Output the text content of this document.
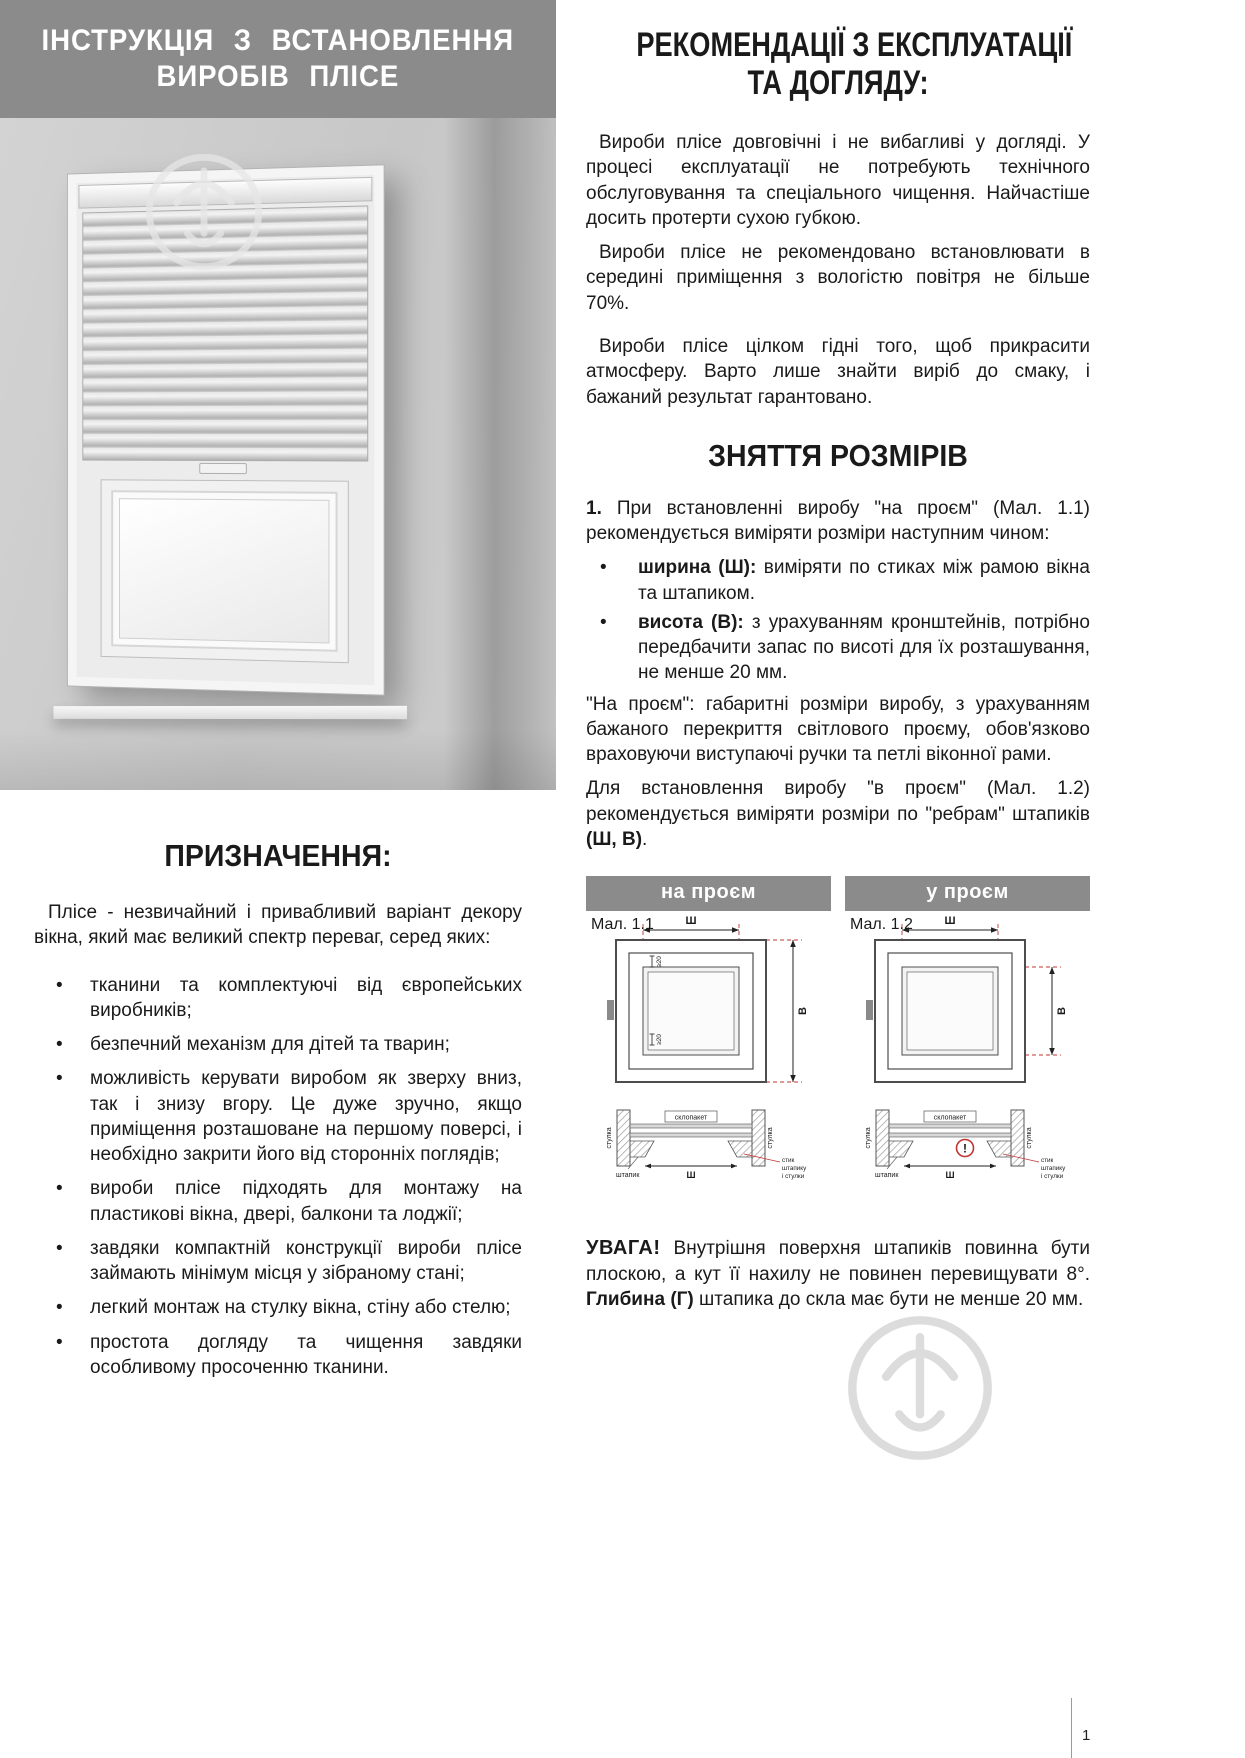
ІНСТРУКЦІЯ З ВСТАНОВЛЕННЯ
ВИРОБІВ ПЛІСЕ
ПРИЗНАЧЕННЯ:

Плісе - незвичайний і привабливий варіант декору вікна, який має великий спектр переваг, серед яких:

•	тканини та комплектуючі від європейських виробників;
•	безпечний механізм для дітей та тварин;
•	можливість керувати виробом як зверху вниз, так і знизу вгору. Це дуже зручно, якщо приміщення розташоване на першому поверсі, і необхідно закрити його від сторонніх поглядів;
•	вироби плісе підходять для монтажу на пластикові вікна, двері, балкони та лоджії;
•	завдяки компактній конструкції вироби плісе займають мінімум місця у зібраному стані;
•	легкий монтаж на стулку вікна, стіну або стелю;
•	простота догляду та чищення завдяки особливому просоченню тканини.
РЕКОМЕНДАЦІЇ З ЕКСПЛУАТАЦІЇ
ТА ДОГЛЯДУ:

Вироби плісе довговічні і не вибагливі у догляді. У процесі експлуатації не потребують технічного обслуговування та спеціального чищення. Найчастіше досить протерти сухою губкою.

Вироби плісе не рекомендовано встановлювати в середині приміщення з вологістю повітря не більше 70%.

Вироби плісе цілком гідні того, щоб прикрасити атмосферу. Варто лише знайти виріб до смаку, і бажаний результат гарантовано.

ЗНЯТТЯ РОЗМІРІВ

1. При встановленні виробу "на проєм" (Мал. 1.1) рекомендується виміряти розміри наступним чином:

•	ширина (Ш): виміряти по стиках між рамою вікна та штапиком.
•	висота (В): з урахуванням кронштейнів, потрібно передбачити запас по висоті для їх розташування, не менше 20 мм.

"На проєм": габаритні розміри виробу, з урахуванням бажаного перекриття світлового проєму, обов'язково враховуючи виступаючі ручки та петлі віконної рами.

Для встановлення виробу "в проєм" (Мал. 1.2) рекомендується виміряти розміри по "ребрам" штапиків (Ш, В).

на проєм
Мал. 1.1	Ш
В
≥20
≥20
склопакет
стулка	стулка
штапик	Ш
стик
штапику
і стулки
у проєм
Мал. 1.2	Ш
В
склопакет
стулка	стулка
штапик	Ш
!
стик
штапику
і стулки

УВАГА! Внутрішня поверхня штапиків повинна бути плоскою, а кут її нахилу не повинен перевищувати 8°. Глибина (Г) штапика до скла має бути не менше 20 мм.

1
